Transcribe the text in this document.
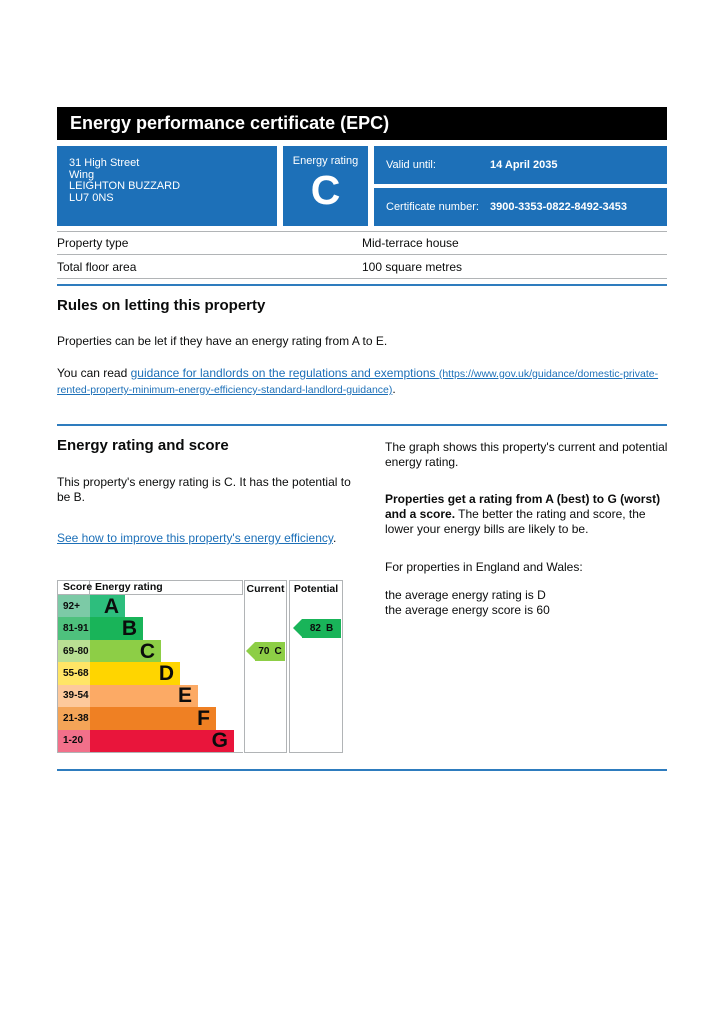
Energy performance certificate (EPC)
31 High Street
Wing
LEIGHTON BUZZARD
LU7 0NS
Energy rating
C
Valid until:	14 April 2035
Certificate number:	3900-3353-0822-8492-3453
Property type	Mid-terrace house
Total floor area	100 square metres
Rules on letting this property

Properties can be let if they have an energy rating from A to E.

You can read guidance for landlords on the regulations and exemptions (https://www.gov.uk/guidance/domestic-private-rented-property-minimum-energy-efficiency-standard-landlord-guidance).

Energy rating and score

This property's energy rating is C. It has the potential to be B.

See how to improve this property's energy efficiency.

The graph shows this property's current and potential energy rating.

Properties get a rating from A (best) to G (worst) and a score. The better the rating and score, the lower your energy bills are likely to be.

For properties in England and Wales:

the average energy rating is D
the average energy score is 60

Score Energy rating
92+	A
81-91 B
69-80 C
55-68	D
39-54	E
21-38	F
1-20	G
Current Potential
70 C
82 B
